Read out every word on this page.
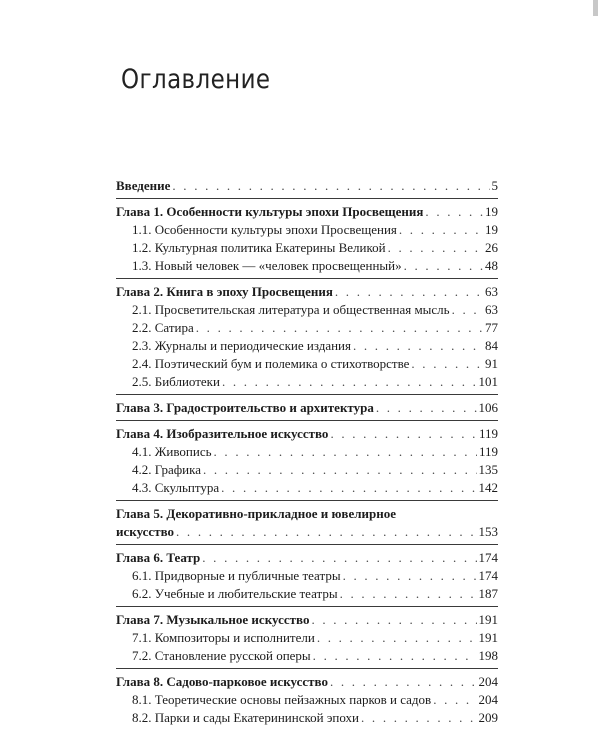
Оглавление
Введение . . .	5
Глава 1. Особенности культуры эпохи Просвещения . . .	19
1.1. Особенности культуры эпохи Просвещения . . .	19
1.2. Культурная политика Екатерины Великой . . .	26
1.3. Новый человек — «человек просвещенный» . . .	48
Глава 2. Книга в эпоху Просвещения . . .	63
2.1. Просветительская литература и общественная мысль . . .	63
2.2. Сатира . . .	77
2.3. Журналы и периодические издания . . .	84
2.4. Поэтический бум и полемика о стихотворстве . . .	91
2.5. Библиотеки . . .	101
Глава 3. Градостроительство и архитектура . . .	106
Глава 4. Изобразительное искусство . . .	119
4.1. Живопись . . .	119
4.2. Графика . . .	135
4.3. Скульптура . . .	142
Глава 5. Декоративно-прикладное и ювелирное
искусство . . .	153
Глава 6. Театр . . .	174
6.1. Придворные и публичные театры . . .	174
6.2. Учебные и любительские театры . . .	187
Глава 7. Музыкальное искусство . . .	191
7.1. Композиторы и исполнители . . .	191
7.2. Становление русской оперы . . .	198
Глава 8. Садово-парковое искусство . . .	204
8.1. Теоретические основы пейзажных парков и садов . . .	204
8.2. Парки и сады Екатерининской эпохи . . .	209
